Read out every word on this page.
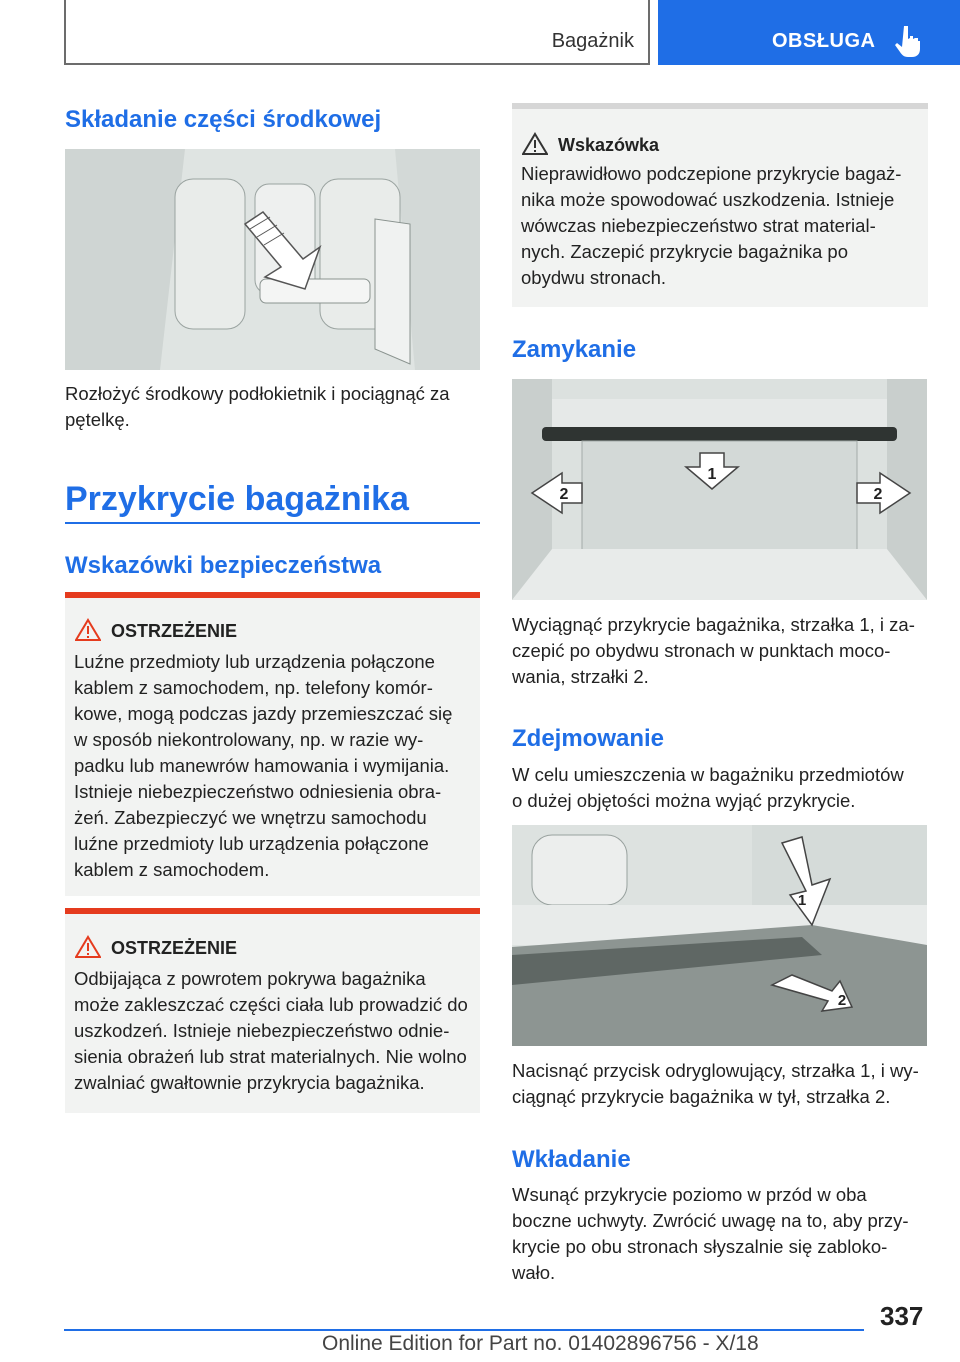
Bagażnik	OBSŁUGA
Składanie części środkowej
Rozłożyć środkowy podłokietnik i pociągnąć za
pętelkę.
Przykrycie bagażnika
Wskazówki bezpieczeństwa
OSTRZEŻENIE
Luźne przedmioty lub urządzenia połączone
kablem z samochodem, np. telefony komór-
kowe, mogą podczas jazdy przemieszczać się
w sposób niekontrolowany, np. w razie wy-
padku lub manewrów hamowania i wymijania.
Istnieje niebezpieczeństwo odniesienia obra-
żeń. Zabezpieczyć we wnętrzu samochodu
luźne przedmioty lub urządzenia połączone
kablem z samochodem.
OSTRZEŻENIE
Odbijająca z powrotem pokrywa bagażnika
może zakleszczać części ciała lub prowadzić do
uszkodzeń. Istnieje niebezpieczeństwo odnie-
sienia obrażeń lub strat materialnych. Nie wolno
zwalniać gwałtownie przykrycia bagażnika.
Wskazówka
Nieprawidłowo podczepione przykrycie bagaż-
nika może spowodować uszkodzenia. Istnieje
wówczas niebezpieczeństwo strat material-
nych. Zaczepić przykrycie bagażnika po
obydwu stronach.
Zamykanie
1
2	2
Wyciągnąć przykrycie bagażnika, strzałka 1, i za-
czepić po obydwu stronach w punktach moco-
wania, strzałki 2.
Zdejmowanie
W celu umieszczenia w bagażniku przedmiotów
o dużej objętości można wyjąć przykrycie.
1
2
Nacisnąć przycisk odryglowujący, strzałka 1, i wy-
ciągnąć przykrycie bagażnika w tył, strzałka 2.
Wkładanie
Wsunąć przykrycie poziomo w przód w oba
boczne uchwyty. Zwrócić uwagę na to, aby przy-
krycie po obu stronach słyszalnie się zabloko-
wało.
337
Online Edition for Part no. 01402896756 - X/18
